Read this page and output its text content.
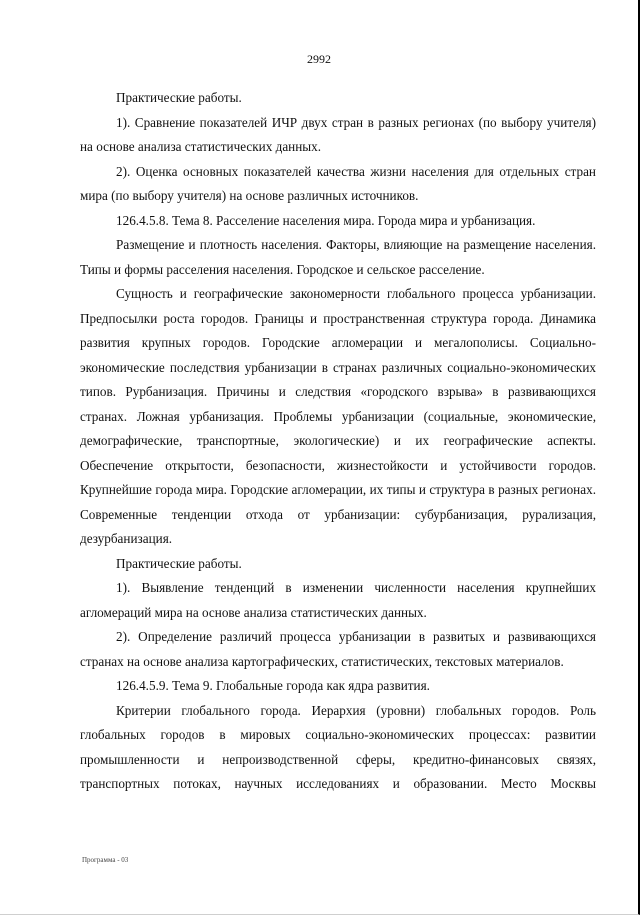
2992

Практические работы.

1). Сравнение показателей ИЧР двух стран в разных регионах (по выбору учителя) на основе анализа статистических данных.

2). Оценка основных показателей качества жизни населения для отдельных стран мира (по выбору учителя) на основе различных источников.

126.4.5.8. Тема 8. Расселение населения мира. Города мира и урбанизация.

Размещение и плотность населения. Факторы, влияющие на размещение населения. Типы и формы расселения населения. Городское и сельское расселение.

Сущность и географические закономерности глобального процесса урбанизации. Предпосылки роста городов. Границы и пространственная структура города. Динамика развития крупных городов. Городские агломерации и мегалополисы. Социально-экономические последствия урбанизации в странах различных социально-экономических типов. Рурбанизация. Причины и следствия «городского взрыва» в развивающихся странах. Ложная урбанизация. Проблемы урбанизации (социальные, экономические, демографические, транспортные, экологические) и их географические аспекты. Обеспечение открытости, безопасности, жизнестойкости и устойчивости городов. Крупнейшие города мира. Городские агломерации, их типы и структура в разных регионах. Современные тенденции отхода от урбанизации: субурбанизация, рурализация, дезурбанизация.

Практические работы.

1). Выявление тенденций в изменении численности населения крупнейших агломераций мира на основе анализа статистических данных.

2). Определение различий процесса урбанизации в развитых и развивающихся странах на основе анализа картографических, статистических, текстовых материалов.

126.4.5.9. Тема 9. Глобальные города как ядра развития.

Критерии глобального города. Иерархия (уровни) глобальных городов. Роль глобальных городов в мировых социально-экономических процессах: развитии промышленности и непроизводственной сферы, кредитно-финансовых связях, транспортных потоках, научных исследованиях и образовании. Место Москвы

Программа - 03
